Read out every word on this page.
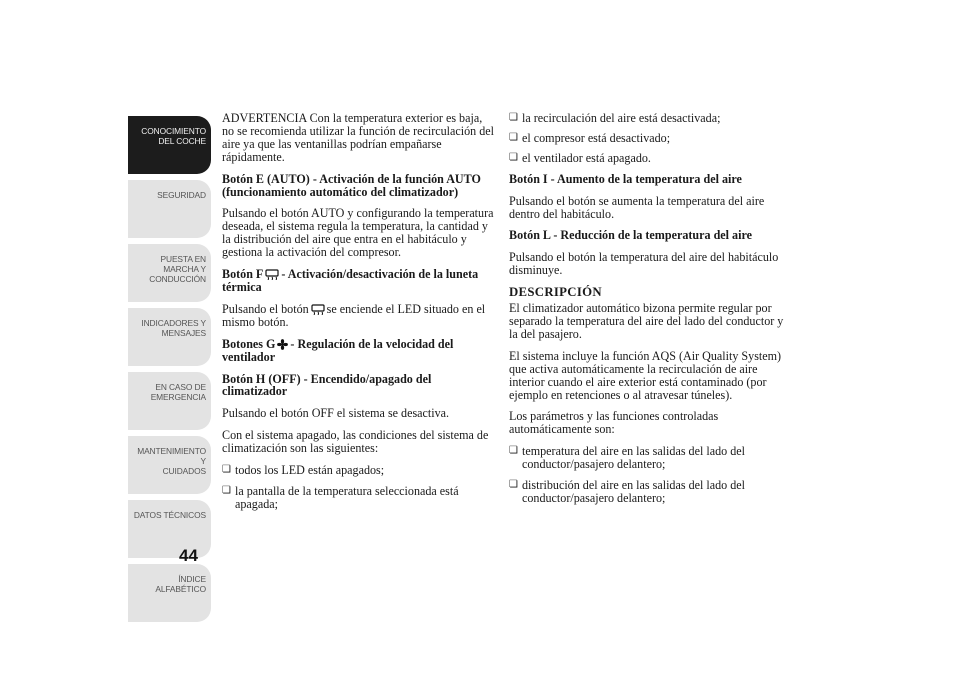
CONOCIMIENTO
DEL COCHE
SEGURIDAD
PUESTA EN
MARCHA Y
CONDUCCIÓN
INDICADORES Y
MENSAJES
EN CASO DE
EMERGENCIA
MANTENIMIENTO Y
CUIDADOS
DATOS TÉCNICOS
ÍNDICE
ALFABÉTICO
44

ADVERTENCIA Con la temperatura exterior es baja, no se recomienda utilizar la función de recirculación del aire ya que las ventanillas podrían empañarse rápidamente.

Botón E (AUTO) - Activación de la función AUTO (funcionamiento automático del climatizador)

Pulsando el botón AUTO y configurando la temperatura deseada, el sistema regula la temperatura, la cantidad y la distribución del aire que entra en el habitáculo y gestiona la activación del compresor.

Botón F - Activación/desactivación de la luneta térmica

Pulsando el botón se enciende el LED situado en el mismo botón.

Botones G - Regulación de la velocidad del ventilador
Botón H (OFF) - Encendido/apagado del climatizador

Pulsando el botón OFF el sistema se desactiva.

Con el sistema apagado, las condiciones del sistema de climatización son las siguientes:

❏ todos los LED están apagados;
❏ la pantalla de la temperatura seleccionada está apagada;
❏ la recirculación del aire está desactivada;
❏ el compresor está desactivado;
❏ el ventilador está apagado.
Botón I - Aumento de la temperatura del aire

Pulsando el botón se aumenta la temperatura del aire dentro del habitáculo.

Botón L - Reducción de la temperatura del aire

Pulsando el botón la temperatura del aire del habitáculo disminuye.

DESCRIPCIÓN

El climatizador automático bizona permite regular por separado la temperatura del aire del lado del conductor y la del pasajero.

El sistema incluye la función AQS (Air Quality System) que activa automáticamente la recirculación de aire interior cuando el aire exterior está contaminado (por ejemplo en retenciones o al atravesar túneles).

Los parámetros y las funciones controladas automáticamente son:

❏ temperatura del aire en las salidas del lado del conductor/pasajero delantero;
❏ distribución del aire en las salidas del lado del conductor/pasajero delantero;
